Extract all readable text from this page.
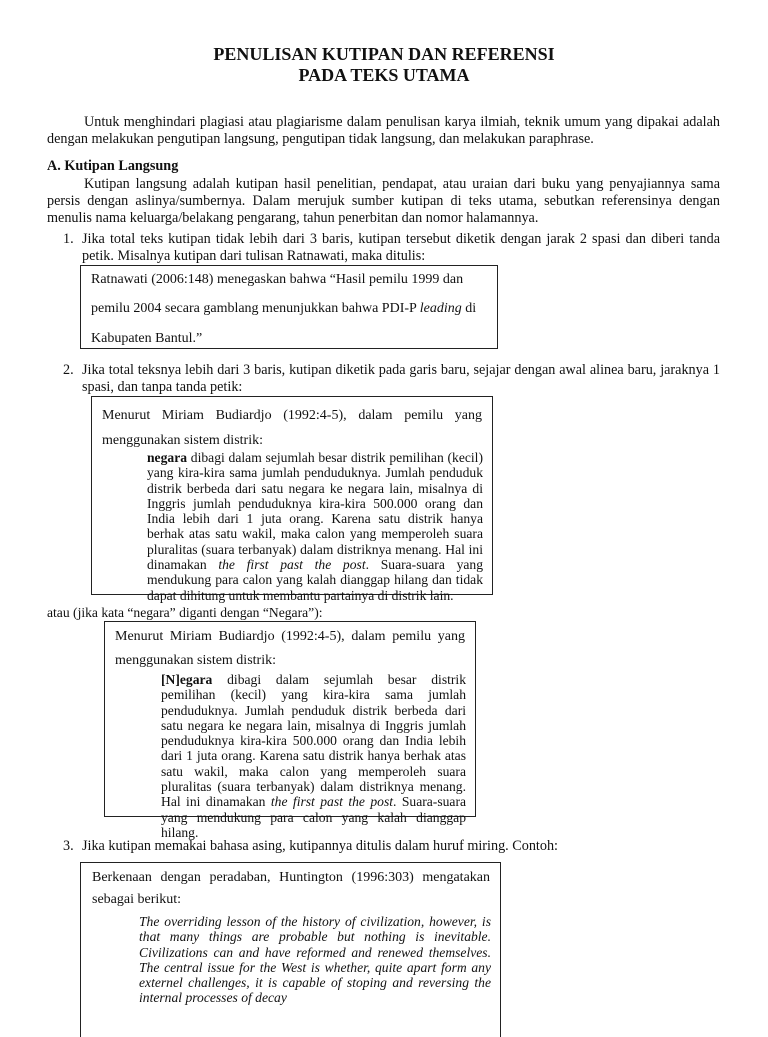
PENULISAN KUTIPAN DAN REFERENSI
PADA TEKS UTAMA
Untuk menghindari plagiasi atau plagiarisme dalam penulisan karya ilmiah, teknik umum yang dipakai adalah dengan melakukan pengutipan langsung, pengutipan tidak langsung, dan melakukan paraphrase.
A. Kutipan Langsung
Kutipan langsung adalah kutipan hasil penelitian, pendapat, atau uraian dari buku yang penyajiannya sama persis dengan aslinya/sumbernya. Dalam merujuk sumber kutipan di teks utama, sebutkan referensinya dengan menulis nama keluarga/belakang pengarang, tahun penerbitan dan nomor halamannya.
1. Jika total teks kutipan tidak lebih dari 3 baris, kutipan tersebut diketik dengan jarak 2 spasi dan diberi tanda petik. Misalnya kutipan dari tulisan Ratnawati, maka ditulis:
Ratnawati (2006:148) menegaskan bahwa “Hasil pemilu 1999 dan
pemilu 2004 secara gamblang menunjukkan bahwa PDI-P leading di
Kabupaten Bantul.”
2. Jika total teksnya lebih dari 3 baris, kutipan diketik pada garis baru, sejajar dengan awal alinea baru, jaraknya 1 spasi, dan tanpa tanda petik:
Menurut Miriam Budiardjo (1992:4-5), dalam pemilu yang menggunakan sistem distrik:
negara dibagi dalam sejumlah besar distrik pemilihan (kecil) yang kira-kira sama jumlah penduduknya. Jumlah penduduk distrik berbeda dari satu negara ke negara lain, misalnya di Inggris jumlah penduduknya kira-kira 500.000 orang dan India lebih dari 1 juta orang. Karena satu distrik hanya berhak atas satu wakil, maka calon yang memperoleh suara pluralitas (suara terbanyak) dalam distriknya menang. Hal ini dinamakan the first past the post. Suara-suara yang mendukung para calon yang kalah dianggap hilang dan tidak dapat dihitung untuk membantu partainya di distrik lain.
atau (jika kata “negara” diganti dengan “Negara”):
Menurut Miriam Budiardjo (1992:4-5), dalam pemilu yang menggunakan sistem distrik:
[N]egara dibagi dalam sejumlah besar distrik pemilihan (kecil) yang kira-kira sama jumlah penduduknya. Jumlah penduduk distrik berbeda dari satu negara ke negara lain, misalnya di Inggris jumlah penduduknya kira-kira 500.000 orang dan India lebih dari 1 juta orang. Karena satu distrik hanya berhak atas satu wakil, maka calon yang memperoleh suara pluralitas (suara terbanyak) dalam distriknya menang. Hal ini dinamakan the first past the post. Suara-suara yang mendukung para calon yang kalah dianggap hilang.
3. Jika kutipan memakai bahasa asing, kutipannya ditulis dalam huruf miring. Contoh:
Berkenaan dengan peradaban, Huntington (1996:303) mengatakan sebagai berikut:
The overriding lesson of the history of civilization, however, is that many things are probable but nothing is inevitable. Civilizations can and have reformed and renewed themselves. The central issue for the West is whether, quite apart form any externel challenges, it is capable of stoping and reversing the internal processes of decay
